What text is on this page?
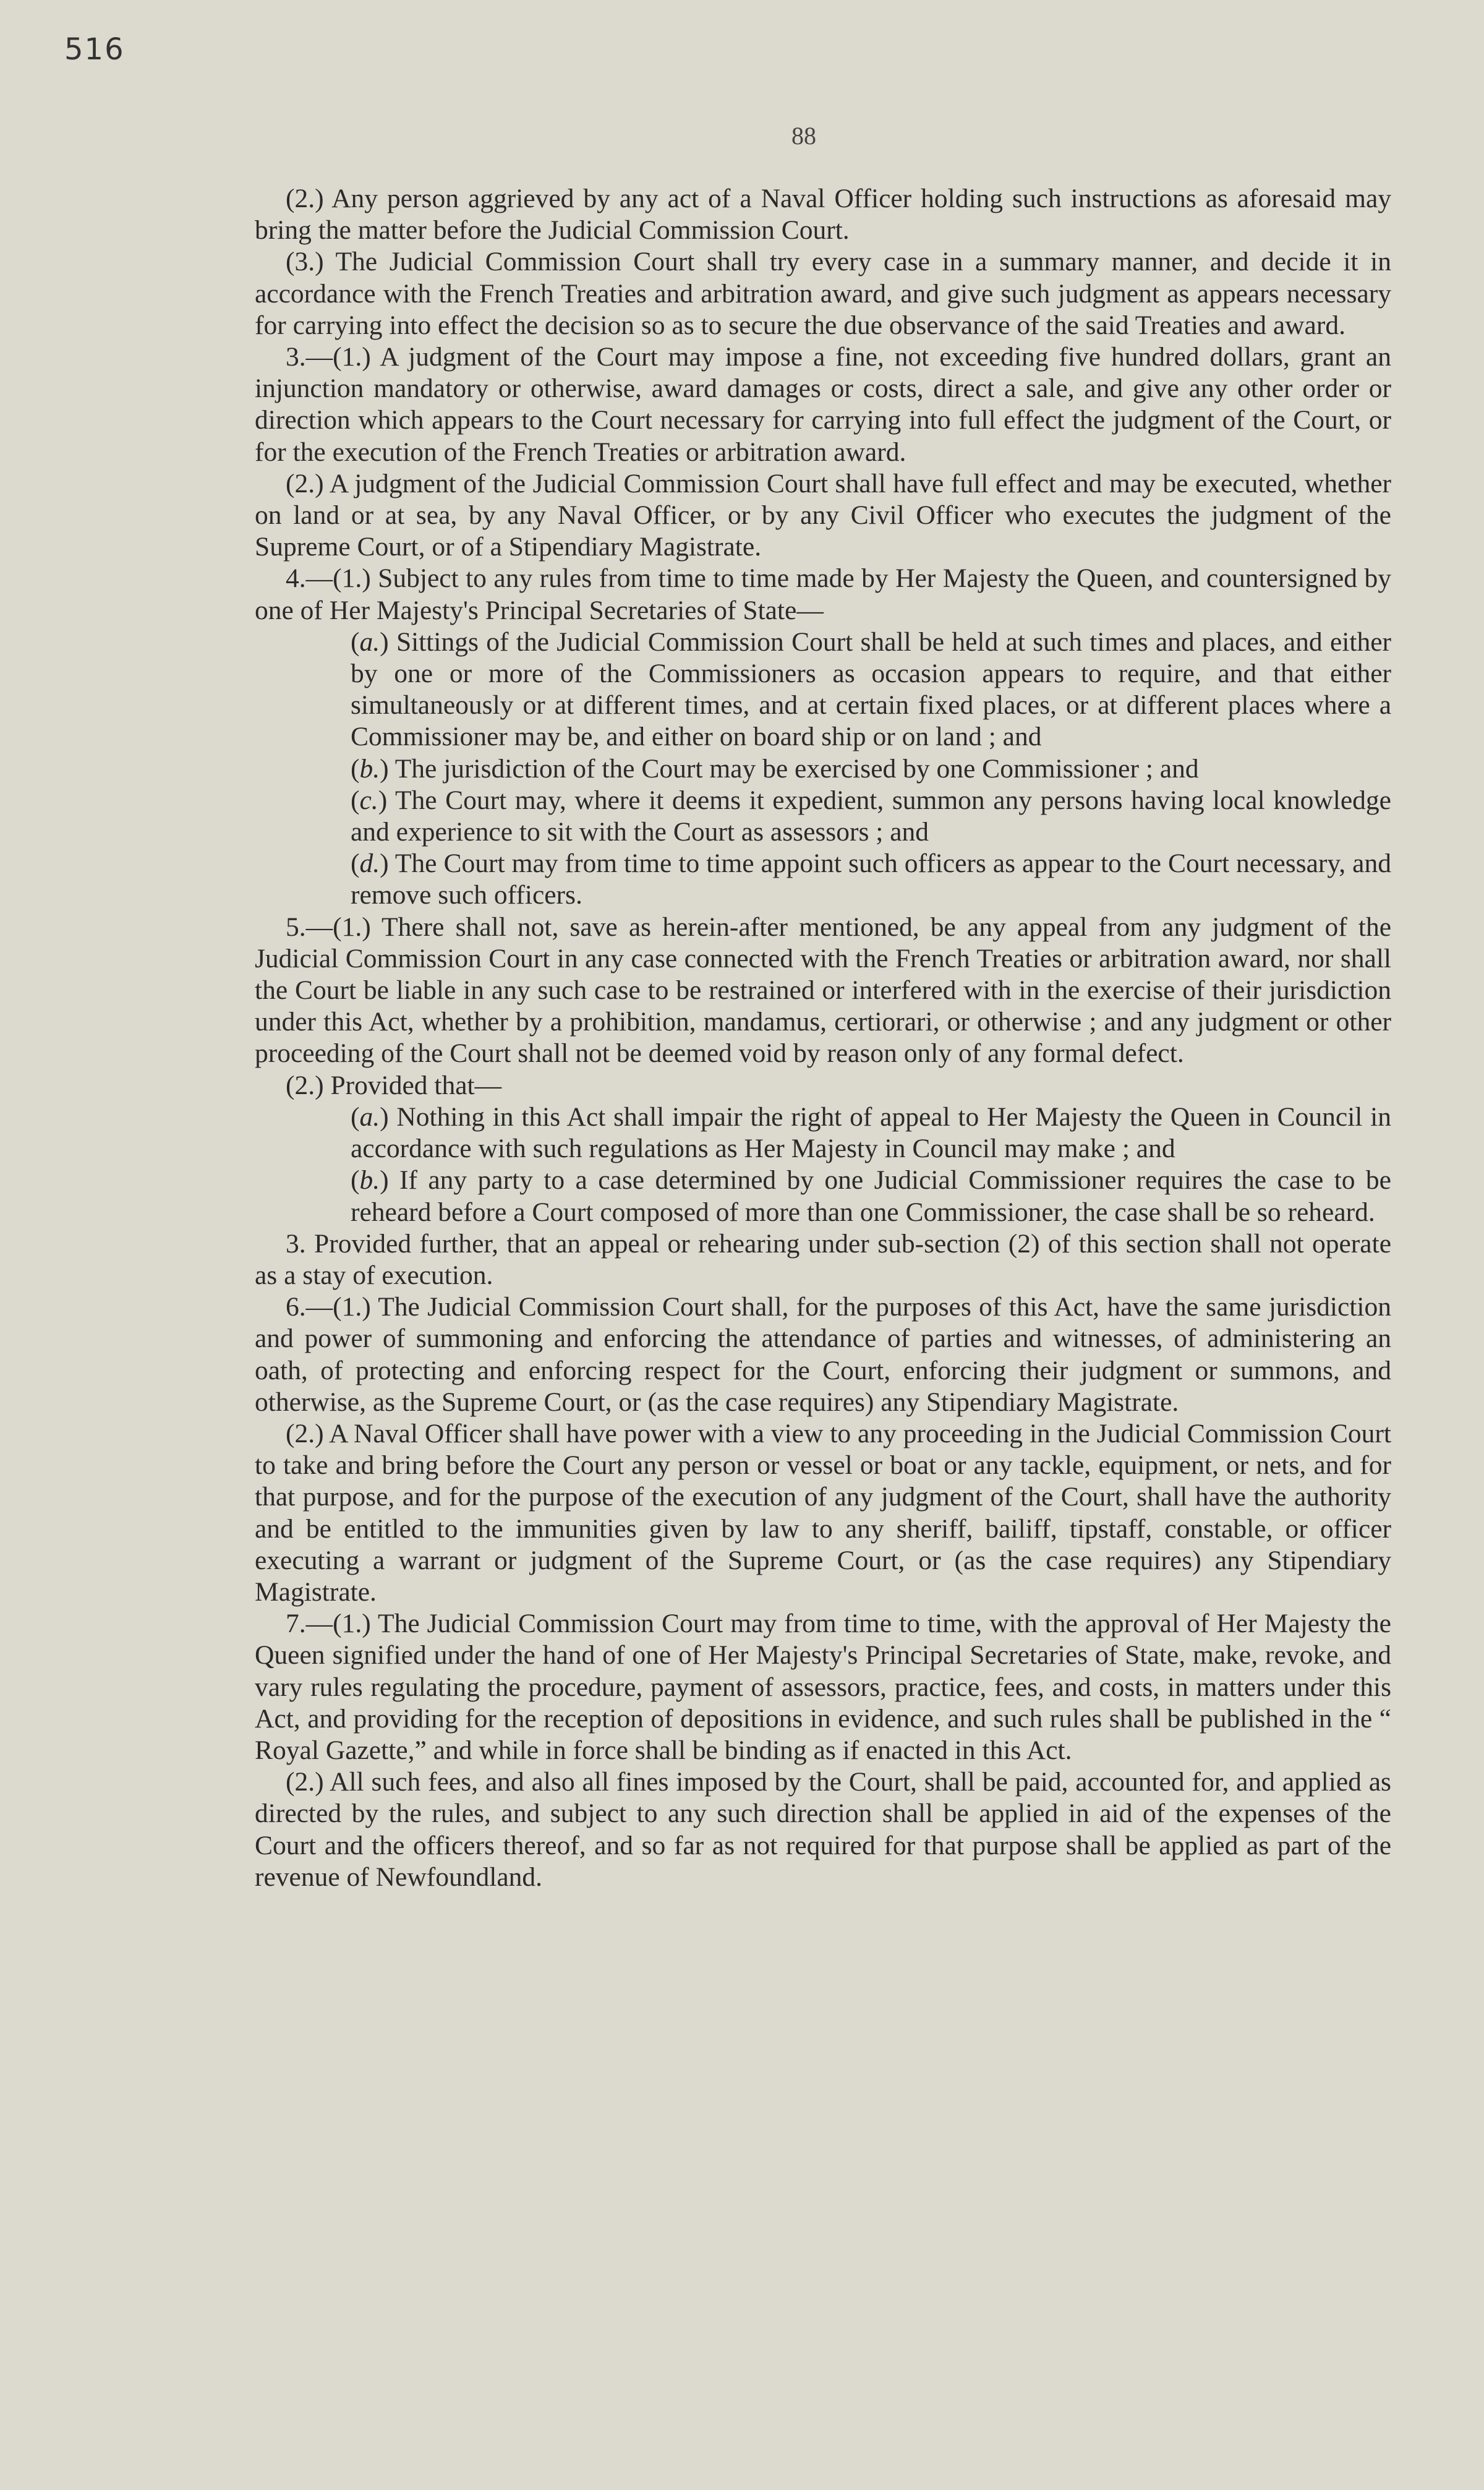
516
88

(2.) Any person aggrieved by any act of a Naval Officer holding such instructions as aforesaid may bring the matter before the Judicial Commission Court.

(3.) The Judicial Commission Court shall try every case in a summary manner, and decide it in accordance with the French Treaties and arbitration award, and give such judgment as appears necessary for carrying into effect the decision so as to secure the due observance of the said Treaties and award.

3.—(1.) A judgment of the Court may impose a fine, not exceeding five hundred dollars, grant an injunction mandatory or otherwise, award damages or costs, direct a sale, and give any other order or direction which appears to the Court necessary for carrying into full effect the judgment of the Court, or for the execution of the French Treaties or arbitration award.

(2.) A judgment of the Judicial Commission Court shall have full effect and may be executed, whether on land or at sea, by any Naval Officer, or by any Civil Officer who executes the judgment of the Supreme Court, or of a Stipendiary Magistrate.

4.—(1.) Subject to any rules from time to time made by Her Majesty the Queen, and countersigned by one of Her Majesty's Principal Secretaries of State—

(a.) Sittings of the Judicial Commission Court shall be held at such times and places, and either by one or more of the Commissioners as occasion appears to require, and that either simultaneously or at different times, and at certain fixed places, or at different places where a Commissioner may be, and either on board ship or on land ; and

(b.) The jurisdiction of the Court may be exercised by one Commissioner ; and

(c.) The Court may, where it deems it expedient, summon any persons having local knowledge and experience to sit with the Court as assessors ; and

(d.) The Court may from time to time appoint such officers as appear to the Court necessary, and remove such officers.

5.—(1.) There shall not, save as herein-after mentioned, be any appeal from any judgment of the Judicial Commission Court in any case connected with the French Treaties or arbitration award, nor shall the Court be liable in any such case to be restrained or interfered with in the exercise of their jurisdiction under this Act, whether by a prohibition, mandamus, certiorari, or otherwise ; and any judgment or other proceeding of the Court shall not be deemed void by reason only of any formal defect.

(2.) Provided that—

(a.) Nothing in this Act shall impair the right of appeal to Her Majesty the Queen in Council in accordance with such regulations as Her Majesty in Council may make ; and

(b.) If any party to a case determined by one Judicial Commissioner requires the case to be reheard before a Court composed of more than one Commissioner, the case shall be so reheard.

3. Provided further, that an appeal or rehearing under sub-section (2) of this section shall not operate as a stay of execution.

6.—(1.) The Judicial Commission Court shall, for the purposes of this Act, have the same jurisdiction and power of summoning and enforcing the attendance of parties and witnesses, of administering an oath, of protecting and enforcing respect for the Court, enforcing their judgment or summons, and otherwise, as the Supreme Court, or (as the case requires) any Stipendiary Magistrate.

(2.) A Naval Officer shall have power with a view to any proceeding in the Judicial Commission Court to take and bring before the Court any person or vessel or boat or any tackle, equipment, or nets, and for that purpose, and for the purpose of the execution of any judgment of the Court, shall have the authority and be entitled to the immunities given by law to any sheriff, bailiff, tipstaff, constable, or officer executing a warrant or judgment of the Supreme Court, or (as the case requires) any Stipendiary Magistrate.

7.—(1.) The Judicial Commission Court may from time to time, with the approval of Her Majesty the Queen signified under the hand of one of Her Majesty's Principal Secretaries of State, make, revoke, and vary rules regulating the procedure, payment of assessors, practice, fees, and costs, in matters under this Act, and providing for the reception of depositions in evidence, and such rules shall be published in the “ Royal Gazette,” and while in force shall be binding as if enacted in this Act.

(2.) All such fees, and also all fines imposed by the Court, shall be paid, accounted for, and applied as directed by the rules, and subject to any such direction shall be applied in aid of the expenses of the Court and the officers thereof, and so far as not required for that purpose shall be applied as part of the revenue of Newfoundland.
